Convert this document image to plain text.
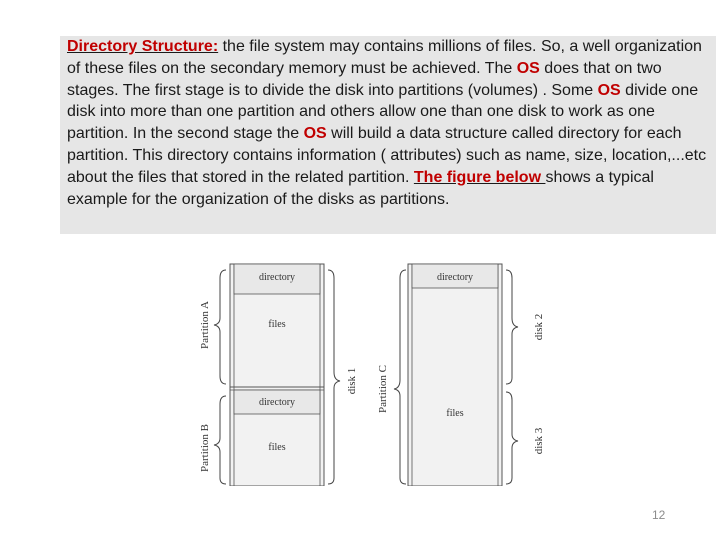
Directory Structure: the file system may contains millions of files. So, a well organization of these files on the secondary memory must be achieved. The OS does that on two stages. The first stage is to divide the disk into partitions (volumes) . Some OS divide one disk into more than one partition and others allow one than one disk to work as one partition. In the second stage the OS will build a data structure called directory for each partition. This directory contains information ( attributes) such as name, size, location,...etc about the files that stored in the related partition. The figure below shows a typical example for the organization of the disks as partitions.
directory
files
directory
files
Partition A
Partition B
disk 1 Partition C
directory
files
disk 2
disk 3
12
